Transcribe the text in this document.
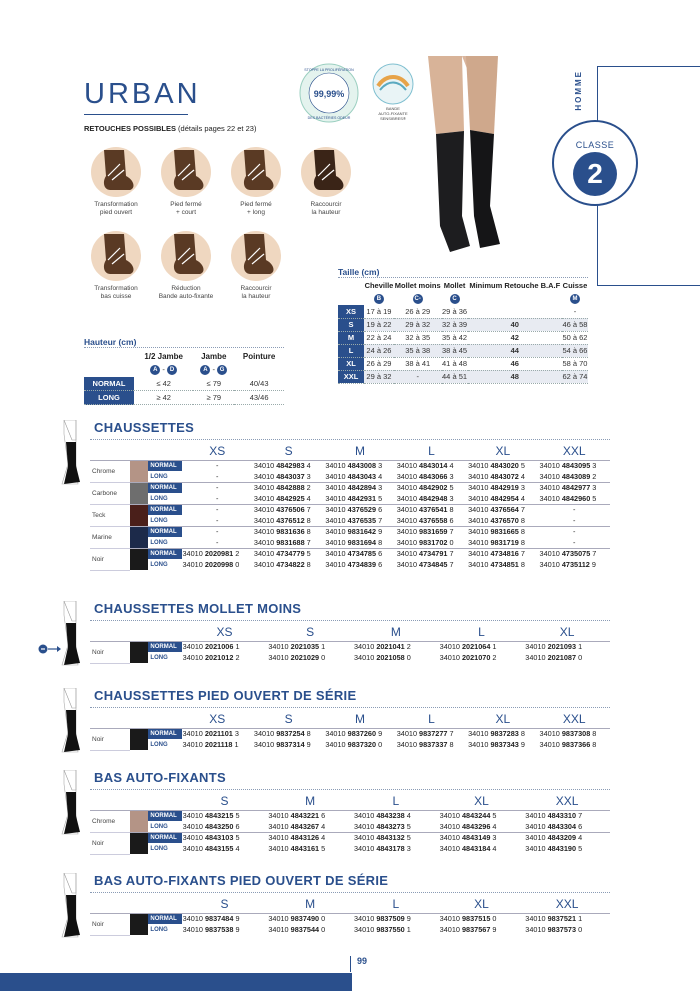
URBAN
RETOUCHES POSSIBLES (détails pages 22 et 23)
Transformation
pied ouvert
Pied fermé
+ court
Pied fermé
+ long
Raccourcir
la hauteur
Transformation
bas cuisse
Réduction
Bande auto-fixante
Raccourcir
la hauteur
99,99%
STOPPE LA PROLIFÉRATION
DES BACTÉRIES ODEUR
BANDE
AUTO-FIXANTE
SENSIBRES®
HOMME
CLASSE
2
Hauteur (cm)
	1/2 Jambe	Jambe	Pointure
	A - D	A - G	
NORMAL	≤ 42	≤ 79	40/43
LONG	≥ 42	≥ 79	43/46
Taille (cm)
	Cheville	Mollet moins	Mollet	Minimum Retouche B.A.F	Cuisse
	B	C-	C		M
XS	17 à 19	26 à 29	29 à 36		-
S	19 à 22	29 à 32	32 à 39	40	46 à 58
M	22 à 24	32 à 35	35 à 42	42	50 à 62
L	24 à 26	35 à 38	38 à 45	44	54 à 66
XL	26 à 29	38 à 41	41 à 48	46	58 à 70
XXL	29 à 32	-	44 à 51	48	62 à 74
CHAUSSETTES
			XS	S	M	L	XL	XXL
Chrome		NORMAL	-	34010 4842983 4	34010 4843008 3	34010 4843014 4	34010 4843020 5	34010 4843095 3
		LONG	-	34010 4843037 3	34010 4843043 4	34010 4843066 3	34010 4843072 4	34010 4843089 2
Carbone		NORMAL	-	34010 4842888 2	34010 4842894 3	34010 4842902 5	34010 4842919 3	34010 4842977 3
		LONG	-	34010 4842925 4	34010 4842931 5	34010 4842948 3	34010 4842954 4	34010 4842960 5
Teck		NORMAL	-	34010 4376506 7	34010 4376529 6	34010 4376541 8	34010 4376564 7	-
		LONG	-	34010 4376512 8	34010 4376535 7	34010 4376558 6	34010 4376570 8	-
Marine		NORMAL	-	34010 9831636 8	34010 9831642 9	34010 9831659 7	34010 9831665 8	-
		LONG	-	34010 9831688 7	34010 9831694 8	34010 9831702 0	34010 9831719 8	-
Noir		NORMAL	34010 2020981 2	34010 4734779 5	34010 4734785 6	34010 4734791 7	34010 4734816 7	34010 4735075 7
		LONG	34010 2020998 0	34010 4734822 8	34010 4734839 6	34010 4734845 7	34010 4734851 8	34010 4735112 9
CHAUSSETTES MOLLET MOINS
			XS	S	M	L	XL
Noir		NORMAL	34010 2021006 1	34010 2021035 1	34010 2021041 2	34010 2021064 1	34010 2021093 1
		LONG	34010 2021012 2	34010 2021029 0	34010 2021058 0	34010 2021070 2	34010 2021087 0
CHAUSSETTES PIED OUVERT DE SÉRIE
			XS	S	M	L	XL	XXL
Noir		NORMAL	34010 2021101 3	34010 9837254 8	34010 9837260 9	34010 9837277 7	34010 9837283 8	34010 9837308 8
		LONG	34010 2021118 1	34010 9837314 9	34010 9837320 0	34010 9837337 8	34010 9837343 9	34010 9837366 8
BAS AUTO-FIXANTS
			S	M	L	XL	XXL
Chrome		NORMAL	34010 4843215 5	34010 4843221 6	34010 4843238 4	34010 4843244 5	34010 4843310 7
		LONG	34010 4843250 6	34010 4843267 4	34010 4843273 5	34010 4843296 4	34010 4843304 6
Noir		NORMAL	34010 4843103 5	34010 4843126 4	34010 4843132 5	34010 4843149 3	34010 4843209 4
		LONG	34010 4843155 4	34010 4843161 5	34010 4843178 3	34010 4843184 4	34010 4843190 5
BAS AUTO-FIXANTS PIED OUVERT DE SÉRIE
			S	M	L	XL	XXL
Noir		NORMAL	34010 9837484 9	34010 9837490 0	34010 9837509 9	34010 9837515 0	34010 9837521 1
		LONG	34010 9837538 9	34010 9837544 0	34010 9837550 1	34010 9837567 9	34010 9837573 0
99
